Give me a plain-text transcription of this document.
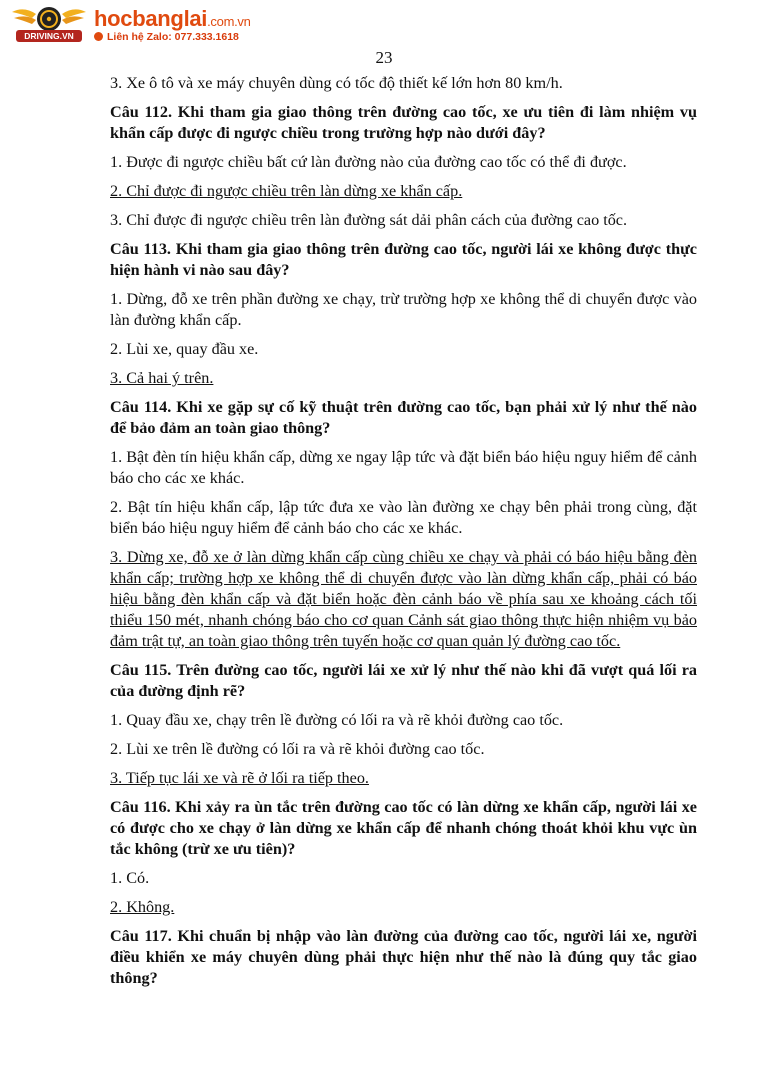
DRIVING.VN
hocbanglai.com.vn
Liên hệ Zalo: 077.333.1618
23

3. Xe ô tô và xe máy chuyên dùng có tốc độ thiết kế lớn hơn 80 km/h.

Câu 112. Khi tham gia giao thông trên đường cao tốc, xe ưu tiên đi làm nhiệm vụ khẩn cấp được đi ngược chiều trong trường hợp nào dưới đây?

1. Được đi ngược chiều bất cứ làn đường nào của đường cao tốc có thể đi được.

2. Chỉ được đi ngược chiều trên làn dừng xe khẩn cấp.

3. Chỉ được đi ngược chiều trên làn đường sát dải phân cách của đường cao tốc.

Câu 113. Khi tham gia giao thông trên đường cao tốc, người lái xe không được thực hiện hành vi nào sau đây?

1. Dừng, đỗ xe trên phần đường xe chạy, trừ trường hợp xe không thể di chuyển được vào làn đường khẩn cấp.

2. Lùi xe, quay đầu xe.

3. Cả hai ý trên.

Câu 114. Khi xe gặp sự cố kỹ thuật trên đường cao tốc, bạn phải xử lý như thế nào để bảo đảm an toàn giao thông?

1. Bật đèn tín hiệu khẩn cấp, dừng xe ngay lập tức và đặt biển báo hiệu nguy hiểm để cảnh báo cho các xe khác.

2. Bật tín hiệu khẩn cấp, lập tức đưa xe vào làn đường xe chạy bên phải trong cùng, đặt biển báo hiệu nguy hiểm để cảnh báo cho các xe khác.

3. Dừng xe, đỗ xe ở làn dừng khẩn cấp cùng chiều xe chạy và phải có báo hiệu bằng đèn khẩn cấp; trường hợp xe không thể di chuyển được vào làn dừng khẩn cấp, phải có báo hiệu bằng đèn khẩn cấp và đặt biển hoặc đèn cảnh báo về phía sau xe khoảng cách tối thiểu 150 mét, nhanh chóng báo cho cơ quan Cảnh sát giao thông thực hiện nhiệm vụ bảo đảm trật tự, an toàn giao thông trên tuyến hoặc cơ quan quản lý đường cao tốc.

Câu 115. Trên đường cao tốc, người lái xe xử lý như thế nào khi đã vượt quá lối ra của đường định rẽ?

1. Quay đầu xe, chạy trên lề đường có lối ra và rẽ khỏi đường cao tốc.

2. Lùi xe trên lề đường có lối ra và rẽ khỏi đường cao tốc.

3. Tiếp tục lái xe và rẽ ở lối ra tiếp theo.

Câu 116. Khi xảy ra ùn tắc trên đường cao tốc có làn dừng xe khẩn cấp, người lái xe có được cho xe chạy ở làn dừng xe khẩn cấp để nhanh chóng thoát khỏi khu vực ùn tắc không (trừ xe ưu tiên)?

1. Có.

2. Không.

Câu 117. Khi chuẩn bị nhập vào làn đường của đường cao tốc, người lái xe, người điều khiển xe máy chuyên dùng phải thực hiện như thế nào là đúng quy tắc giao thông?
